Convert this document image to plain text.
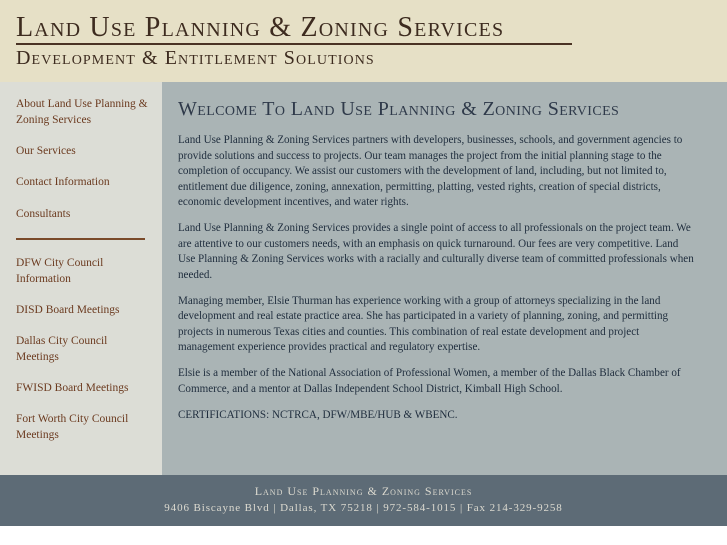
Land Use Planning & Zoning Services
Development & Entitlement Solutions
About Land Use Planning & Zoning Services
Our Services
Contact Information
Consultants
DFW City Council Information
DISD Board Meetings
Dallas City Council Meetings
FWISD Board Meetings
Fort Worth City Council Meetings
Welcome To Land Use Planning & Zoning Services

Land Use Planning & Zoning Services partners with developers, businesses, schools, and government agencies to provide solutions and success to projects. Our team manages the project from the initial planning stage to the completion of occupancy. We assist our customers with the development of land, including, but not limited to, entitlement due diligence, zoning, annexation, permitting, platting, vested rights, creation of special districts, economic development incentives, and water rights.

Land Use Planning & Zoning Services provides a single point of access to all professionals on the project team. We are attentive to our customers needs, with an emphasis on quick turnaround. Our fees are very competitive. Land Use Planning & Zoning Services works with a racially and culturally diverse team of committed professionals when needed.

Managing member, Elsie Thurman has experience working with a group of attorneys specializing in the land development and real estate practice area. She has participated in a variety of planning, zoning, and permitting projects in numerous Texas cities and counties. This combination of real estate development and project management experience provides practical and regulatory expertise.

Elsie is a member of the National Association of Professional Women, a member of the Dallas Black Chamber of Commerce, and a mentor at Dallas Independent School District, Kimball High School.

CERTIFICATIONS: NCTRCA, DFW/MBE/HUB & WBENC.

Land Use Planning & Zoning Services
9406 Biscayne Blvd | Dallas, TX 75218 | 972-584-1015 | Fax 214-329-9258
